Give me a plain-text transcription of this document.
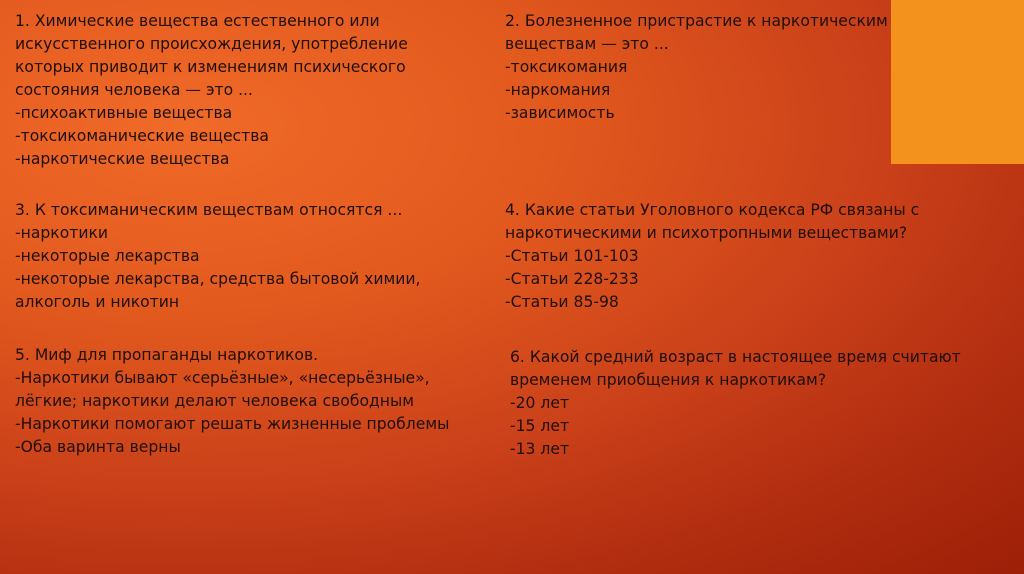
1. Химические вещества естественного или
искусственного происхождения, употребление
которых приводит к изменениям психического
состояния человека — это ...
-психоактивные вещества
-токсикоманические вещества
-наркотические вещества
2. Болезненное пристрастие к наркотическим
веществам — это ...
-токсикомания
-наркомания
-зависимость
3. К токсиманическим веществам относятся ...
-наркотики
-некоторые лекарства
-некоторые лекарства, средства бытовой химии,
алкоголь и никотин
4. Какие статьи Уголовного кодекса РФ связаны с
наркотическими и психотропными веществами?
-Статьи 101-103
-Статьи 228-233
-Статьи 85-98
5. Миф для пропаганды наркотиков.
-Наркотики бывают «серьёзные», «несерьёзные»,
лёгкие; наркотики делают человека свободным
-Наркотики помогают решать жизненные проблемы
-Оба варинта верны
6. Какой средний возраст в настоящее время считают
временем приобщения к наркотикам?
-20 лет
-15 лет
-13 лет
